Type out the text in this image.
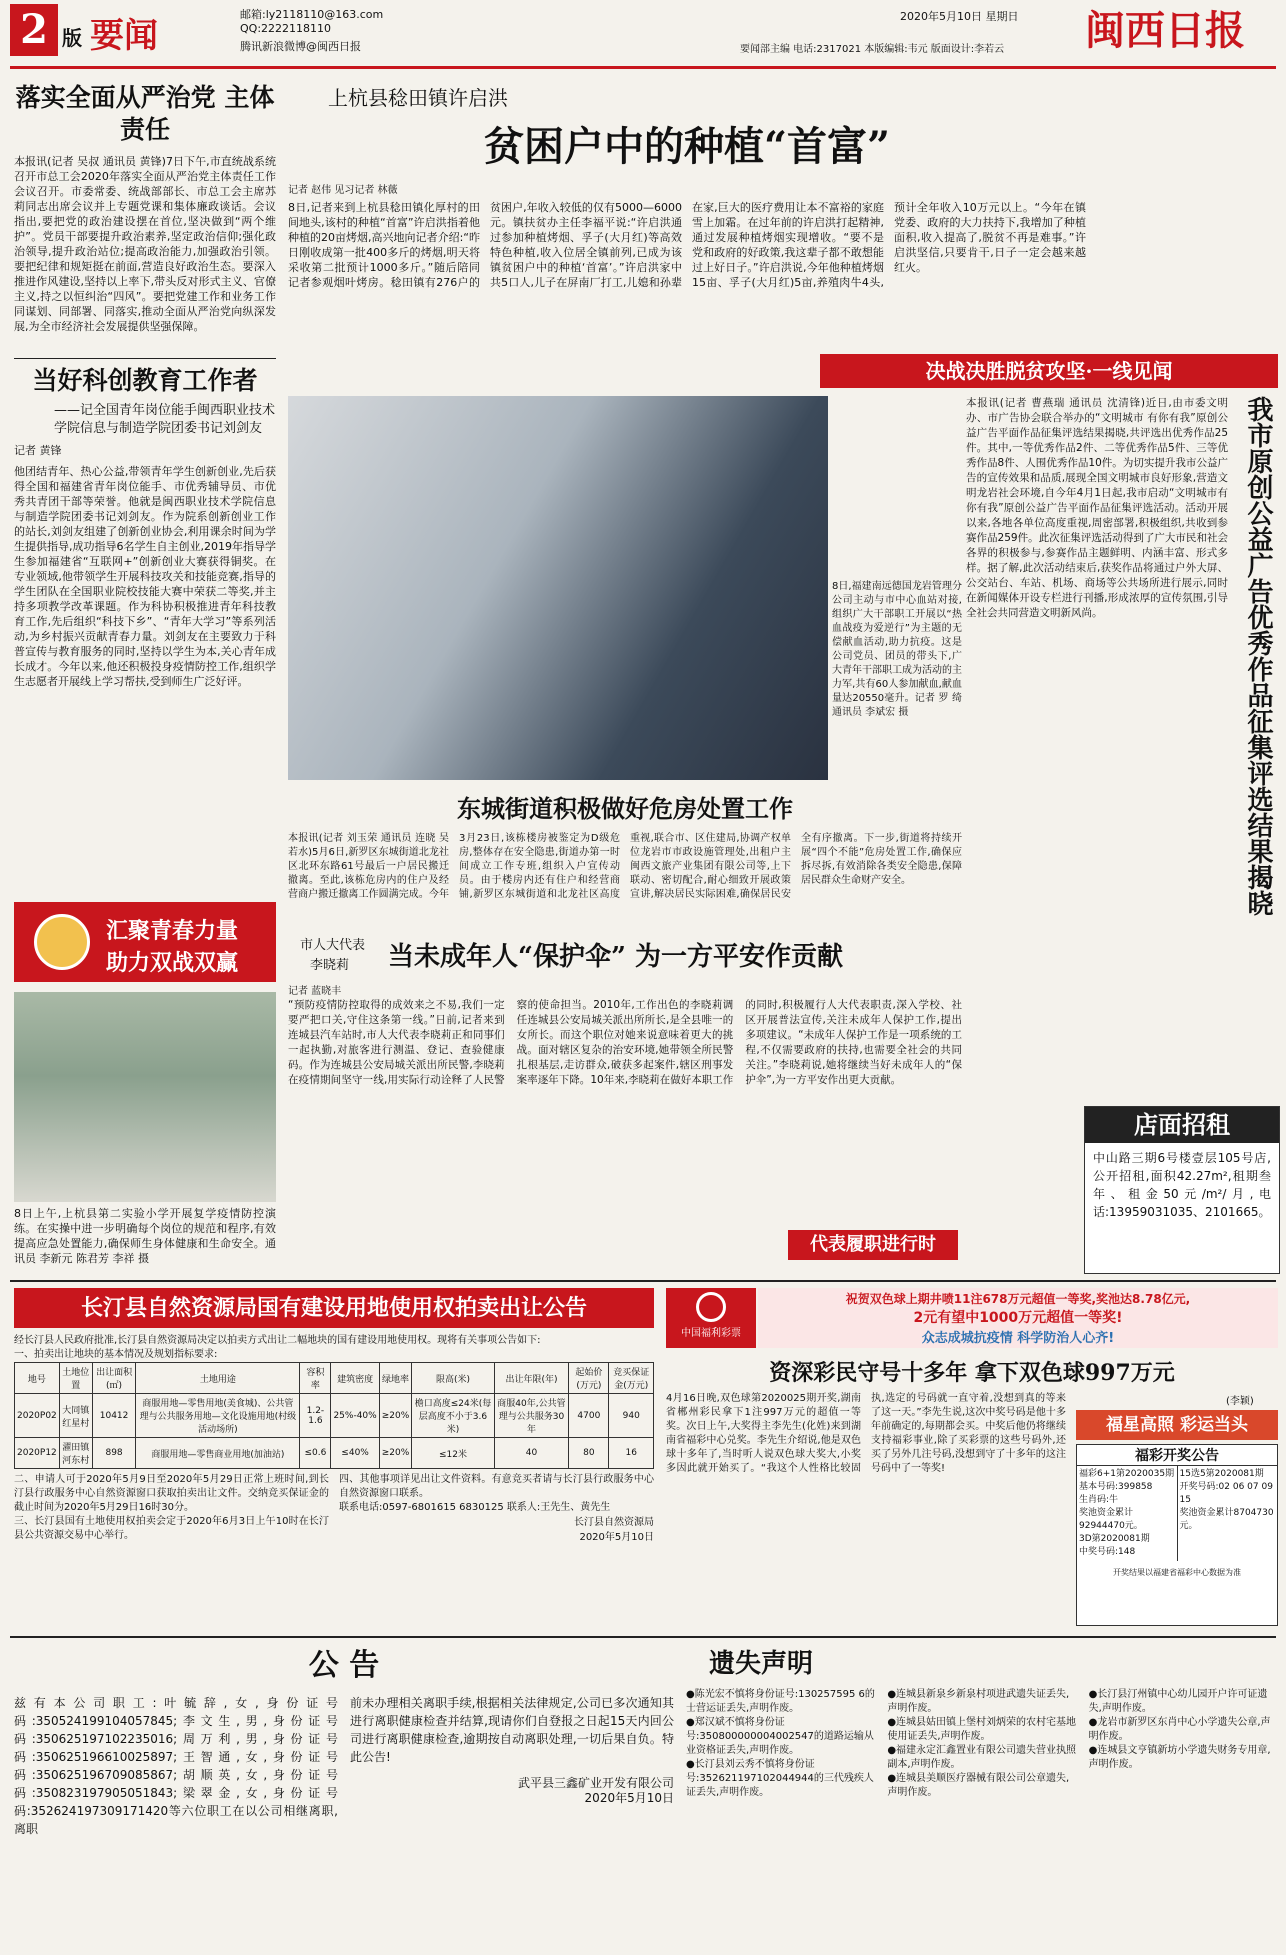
2 版 要闻
邮箱:ly2118110@163.com
QQ:2222118110
腾讯新浪微博@闽西日报
2020年5月10日 星期日
要闻部主编 电话:2317021 本版编辑:韦元 版面设计:李若云 闽西日报
落实全面从严治党 主体责任

本报讯(记者 吴叔 通讯员 黄锋)7日下午,市直统战系统召开市总工会2020年落实全面从严治党主体责任工作会议召开。市委常委、统战部部长、市总工会主席苏莉同志出席会议并上专题党课和集体廉政谈话。会议指出,要把党的政治建设摆在首位,坚决做到“两个维护”。党员干部要提升政治素养,坚定政治信仰;强化政治领导,提升政治站位;提高政治能力,加强政治引领。要把纪律和规矩挺在前面,营造良好政治生态。要深入推进作风建设,坚持以上率下,带头反对形式主义、官僚主义,持之以恒纠治“四风”。要把党建工作和业务工作同谋划、同部署、同落实,推动全面从严治党向纵深发展,为全市经济社会发展提供坚强保障。

当好科创教育工作者
——记全国青年岗位能手闽西职业技术学院信息与制造学院团委书记刘剑友
记者 黄锋

他团结青年、热心公益,带领青年学生创新创业,先后获得全国和福建省青年岗位能手、市优秀辅导员、市优秀共青团干部等荣誉。他就是闽西职业技术学院信息与制造学院团委书记刘剑友。作为院系创新创业工作的站长,刘剑友组建了创新创业协会,利用课余时间为学生提供指导,成功指导6名学生自主创业,2019年指导学生参加福建省“互联网+”创新创业大赛获得铜奖。在专业领域,他带领学生开展科技攻关和技能竞赛,指导的学生团队在全国职业院校技能大赛中荣获二等奖,并主持多项教学改革课题。作为科协积极推进青年科技教育工作,先后组织“科技下乡”、“青年大学习”等系列活动,为乡村振兴贡献青春力量。刘剑友在主要致力于科普宣传与教育服务的同时,坚持以学生为本,关心青年成长成才。今年以来,他还积极投身疫情防控工作,组织学生志愿者开展线上学习帮扶,受到师生广泛好评。

汇聚青春力量
助力双战双赢

8日上午,上杭县第二实验小学开展复学疫情防控演练。在实操中进一步明确每个岗位的规范和程序,有效提高应急处置能力,确保师生身体健康和生命安全。通讯员 李新元 陈君芳 李祥 摄

上杭县稔田镇许启洪
贫困户中的种植“首富”
记者 赵伟 见习记者 林薇

8日,记者来到上杭县稔田镇化厚村的田间地头,该村的种植“首富”许启洪指着他种植的20亩烤烟,高兴地向记者介绍:“昨日刚收成第一批400多斤的烤烟,明天将采收第二批预计1000多斤。”随后陪同记者参观烟叶烤房。稔田镇有276户的贫困户,年收入较低的仅有5000—6000元。镇扶贫办主任李福平说:“许启洪通过参加种植烤烟、孚子(大月红)等高效特色种植,收入位居全镇前列,已成为该镇贫困户中的种植‘首富’。”许启洪家中共5口人,儿子在屏南厂打工,儿媳和孙辈在家,巨大的医疗费用让本不富裕的家庭雪上加霜。在过年前的许启洪打起精神,通过发展种植烤烟实现增收。“要不是党和政府的好政策,我这辈子都不敢想能过上好日子。”许启洪说,今年他种植烤烟15亩、孚子(大月红)5亩,养殖肉牛4头,预计全年收入10万元以上。“今年在镇党委、政府的大力扶持下,我增加了种植面积,收入提高了,脱贫不再是难事。”许启洪坚信,只要肯干,日子一定会越来越红火。

决战决胜脱贫攻坚·一线见闻

8日,福建南远德国龙岩管理分公司主动与市中心血站对接,组织广大干部职工开展以“热血战疫为爱逆行”为主题的无偿献血活动,助力抗疫。这是公司党员、团员的带头下,广大青年干部职工成为活动的主力军,共有60人参加献血,献血量达20550毫升。记者 罗 绮 通讯员 李斌宏 摄

本报讯(记者 曹燕瑞 通讯员 沈清锋)近日,由市委文明办、市广告协会联合举办的“文明城市 有你有我”原创公益广告平面作品征集评选结果揭晓,共评选出优秀作品25件。其中,一等优秀作品2件、二等优秀作品5件、三等优秀作品8件、人围优秀作品10件。为切实提升我市公益广告的宣传效果和品质,展现全国文明城市良好形象,营造文明龙岩社会环境,自今年4月1日起,我市启动“文明城市有你有我”原创公益广告平面作品征集评选活动。活动开展以来,各地各单位高度重视,周密部署,积极组织,共收到参赛作品259件。此次征集评选活动得到了广大市民和社会各界的积极参与,参赛作品主题鲜明、内涵丰富、形式多样。据了解,此次活动结束后,获奖作品将通过户外大屏、公交站台、车站、机场、商场等公共场所进行展示,同时在新闻媒体开设专栏进行刊播,形成浓厚的宣传氛围,引导全社会共同营造文明新风尚。	我市原创公益广告优秀作品征集评选结果揭晓
东城街道积极做好危房处置工作

本报讯(记者 刘玉荣 通讯员 连晓 吴若水)5月6日,新罗区东城街道北龙社区北环东路61号最后一户居民搬迁撤离。至此,该栋危房内的住户及经营商户搬迁撤离工作圆满完成。今年3月23日,该栋楼房被鉴定为D级危房,整体存在安全隐患,街道办第一时间成立工作专班,组织入户宣传动员。由于楼房内还有住户和经营商铺,新罗区东城街道和北龙社区高度重视,联合市、区住建局,协调产权单位龙岩市市政设施管理处,出租户主闽西文旅产业集团有限公司等,上下联动、密切配合,耐心细致开展政策宣讲,解决居民实际困难,确保居民安全有序撤离。下一步,街道将持续开展“四个不能”危房处置工作,确保应拆尽拆,有效消除各类安全隐患,保障居民群众生命财产安全。

市人大代表
李晓莉 当未成年人“保护伞” 为一方平安作贡献
记者 蓝晓丰

“预防疫情防控取得的成效来之不易,我们一定要严把口关,守住这条第一线。”日前,记者来到连城县汽车站时,市人大代表李晓莉正和同事们一起执勤,对旅客进行测温、登记、查验健康码。作为连城县公安局城关派出所民警,李晓莉在疫情期间坚守一线,用实际行动诠释了人民警察的使命担当。2010年,工作出色的李晓莉调任连城县公安局城关派出所所长,是全县唯一的女所长。而这个职位对她来说意味着更大的挑战。面对辖区复杂的治安环境,她带领全所民警扎根基层,走访群众,破获多起案件,辖区刑事发案率逐年下降。10年来,李晓莉在做好本职工作的同时,积极履行人大代表职责,深入学校、社区开展普法宣传,关注未成年人保护工作,提出多项建议。“未成年人保护工作是一项系统的工程,不仅需要政府的扶持,也需要全社会的共同关注。”李晓莉说,她将继续当好未成年人的“保护伞”,为一方平安作出更大贡献。

代表履职进行时
店面招租

中山路三期6号楼壹层105号店,公开招租,面积42.27m²,租期叁年、租金50元/m²/月,电话:13959031035、2101665。

长汀县自然资源局国有建设用地使用权拍卖出让公告

经长汀县人民政府批准,长汀县自然资源局决定以拍卖方式出让二幅地块的国有建设用地使用权。现将有关事项公告如下:

一、拍卖出让地块的基本情况及规划指标要求:

地号	土地位置	出让面积(㎡)	土地用途	容积率	建筑密度	绿地率	限高(米)	出让年限(年)	起始价(万元)	竞买保证金(万元)
2020P02	大同镇红星村	10412	商服用地—零售用地(美食城)、公共管理与公共服务用地—文化设施用地(村级活动场所)	1.2-1.6	25%-40%	≥20%	檐口高度≤24米(每层高度不小于3.6米)	商服40年,公共管理与公共服务30年	4700	940
2020P12	濯田镇河东村	898	商服用地—零售商业用地(加油站)	≤0.6	≤40%	≥20%	≤12米	40	80	16

二、申请人可于2020年5月9日至2020年5月29日正常上班时间,到长汀县行政服务中心自然资源窗口获取拍卖出让文件。交纳竞买保证金的截止时间为2020年5月29日16时30分。

三、长汀县国有土地使用权拍卖会定于2020年6月3日上午10时在长汀县公共资源交易中心举行。

四、其他事项详见出让文件资料。有意竞买者请与长汀县行政服务中心自然资源窗口联系。

联系电话:0597-6801615 6830125 联系人:王先生、黄先生

长汀县自然资源局

2020年5月10日

中国福利彩票
祝贺双色球上期井喷11注678万元超值一等奖,奖池达8.78亿元,
2元有望中1000万元超值一等奖!
众志成城抗疫情 科学防治人心齐!
资深彩民守号十多年 拿下双色球997万元

4月16日晚,双色球第2020025期开奖,湖南省郴州彩民拿下1注997万元的超值一等奖。次日上午,大奖得主李先生(化姓)来到湖南省福彩中心兑奖。李先生介绍说,他是双色球十多年了,当时听人说双色球大奖大,小奖多因此就开始买了。“我这个人性格比较固执,选定的号码就一直守着,没想到真的等来了这一天。”李先生说,这次中奖号码是他十多年前确定的,每期都会买。中奖后他仍将继续支持福彩事业,除了买彩票的这些号码外,还买了另外几注号码,没想到守了十多年的这注号码中了一等奖!

(李颖)
福星高照 彩运当头
福彩开奖公告
福彩6+1第2020035期
基本号码:399858
生肖码:牛
奖池资金累计92944470元。
3D第2020081期
中奖号码:148
15选5第2020081期
开奖号码:02 06 07 09 15
奖池资金累计8704730元。
开奖结果以福建省福彩中心数据为准
公 告

兹有本公司职工:叶毓辞,女,身份证号码:350524199104057845;李文生,男,身份证号码:350625197102235016;周万利,男,身份证号码:350625196610025897;王智通,女,身份证号码:350625196709085867;胡顺英,女,身份证号码:350823197905051843;梁翠金,女,身份证号码:352624197309171420等六位职工在以公司相继离职,离职

前未办理相关离职手续,根据相关法律规定,公司已多次通知其进行离职健康检查并结算,现请你们自登报之日起15天内回公司进行离职健康检查,逾期按自动离职处理,一切后果自负。特此公告!

武平县三鑫矿业开发有限公司

2020年5月10日

遗失声明
●陈光宏不慎将身份证号:130257595 6的士营运证丢失,声明作废。
●郑汉斌不慎将身份证号:350800000004002547的道路运输从业资格证丢失,声明作废。
●长汀县刘云秀不慎将身份证号:352621197102044944的三代残疾人证丢失,声明作废。
●连城县新泉乡新泉村项进武遗失证丢失,声明作废。
●连城县姑田镇上堡村刘炳荣的农村宅基地使用证丢失,声明作废。
●福建永定汇鑫置业有限公司遗失营业执照副本,声明作废。
●连城县美顺医疗器械有限公司公章遗失,声明作废。
●长汀县汀州镇中心幼儿园开户许可证遗失,声明作废。
●龙岩市新罗区东肖中心小学遗失公章,声明作废。
●连城县文亨镇新坊小学遗失财务专用章,声明作废。
